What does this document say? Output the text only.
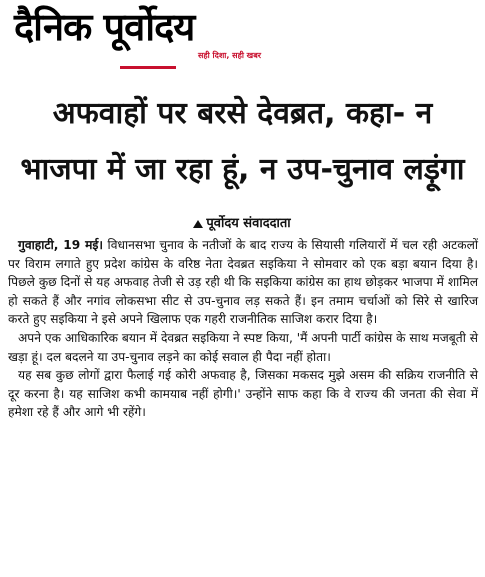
दैनिक पूर्वोदय
सही दिशा, सही खबर
अफवाहों पर बरसे देवब्रत, कहा- न
भाजपा में जा रहा हूं, न उप-चुनाव लड़ूंगा
पूर्वोदय संवाददाता

गुवाहाटी, 19 मई। विधानसभा चुनाव के नतीजों के बाद राज्य के सियासी गलियारों में चल रही अटकलों पर विराम लगाते हुए प्रदेश कांग्रेस के वरिष्ठ नेता देवब्रत सइकिया ने सोमवार को एक बड़ा बयान दिया है। पिछले कुछ दिनों से यह अफवाह तेजी से उड़ रही थी कि सइकिया कांग्रेस का हाथ छोड़कर भाजपा में शामिल हो सकते हैं और नगांव लोकसभा सीट से उप-चुनाव लड़ सकते हैं। इन तमाम चर्चाओं को सिरे से खारिज करते हुए सइकिया ने इसे अपने खिलाफ एक गहरी राजनीतिक साजिश करार दिया है।

अपने एक आधिकारिक बयान में देवब्रत सइकिया ने स्पष्ट किया, 'मैं अपनी पार्टी कांग्रेस के साथ मजबूती से खड़ा हूं। दल बदलने या उप-चुनाव लड़ने का कोई सवाल ही पैदा नहीं होता।

यह सब कुछ लोगों द्वारा फैलाई गई कोरी अफवाह है, जिसका मकसद मुझे असम की सक्रिय राजनीति से दूर करना है। यह साजिश कभी कामयाब नहीं होगी।' उन्होंने साफ कहा कि वे राज्य की जनता की सेवा में हमेशा रहे हैं और आगे भी रहेंगे।
